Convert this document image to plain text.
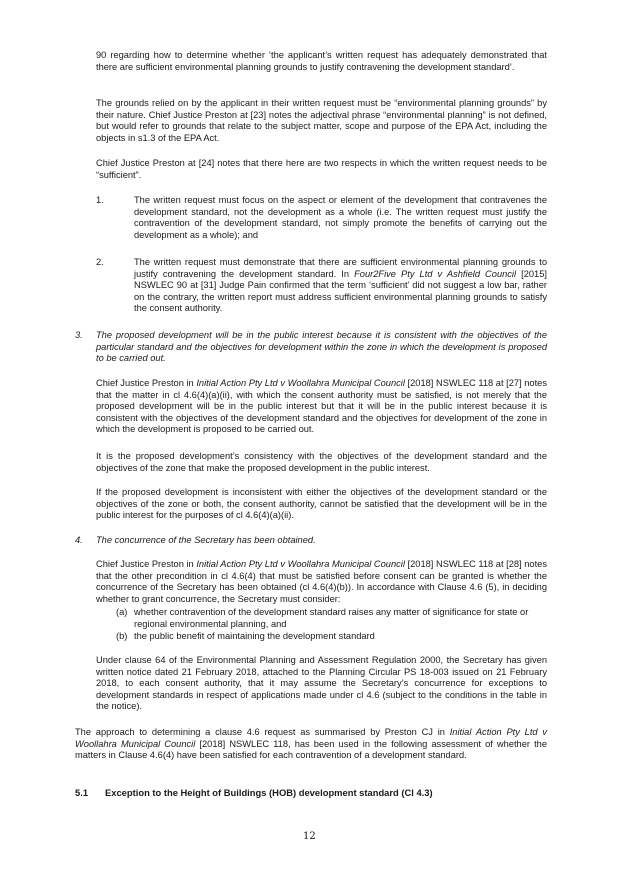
90 regarding how to determine whether ‘the applicant’s written request has adequately demonstrated that there are sufficient environmental planning grounds to justify contravening the development standard’.

The grounds relied on by the applicant in their written request must be “environmental planning grounds” by their nature. Chief Justice Preston at [23] notes the adjectival phrase “environmental planning” is not defined, but would refer to grounds that relate to the subject matter, scope and purpose of the EPA Act, including the objects in s1.3 of the EPA Act.

Chief Justice Preston at [24] notes that there here are two respects in which the written request needs to be “sufficient”.

1.	The written request must focus on the aspect or element of the development that contravenes the development standard, not the development as a whole (i.e. The written request must justify the contravention of the development standard, not simply promote the benefits of carrying out the development as a whole); and

2.	The written request must demonstrate that there are sufficient environmental planning grounds to justify contravening the development standard. In Four2Five Pty Ltd v Ashfield Council [2015] NSWLEC 90 at [31] Judge Pain confirmed that the term ‘sufficient’ did not suggest a low bar, rather on the contrary, the written report must address sufficient environmental planning grounds to satisfy the consent authority.

3. The proposed development will be in the public interest because it is consistent with the objectives of the particular standard and the objectives for development within the zone in which the development is proposed to be carried out.

Chief Justice Preston in Initial Action Pty Ltd v Woollahra Municipal Council [2018] NSWLEC 118 at [27] notes that the matter in cl 4.6(4)(a)(ii), with which the consent authority must be satisfied, is not merely that the proposed development will be in the public interest but that it will be in the public interest because it is consistent with the objectives of the development standard and the objectives for development of the zone in which the development is proposed to be carried out.

It is the proposed development’s consistency with the objectives of the development standard and the objectives of the zone that make the proposed development in the public interest.

If the proposed development is inconsistent with either the objectives of the development standard or the objectives of the zone or both, the consent authority, cannot be satisfied that the development will be in the public interest for the purposes of cl 4.6(4)(a)(ii).

4. The concurrence of the Secretary has been obtained.

Chief Justice Preston in Initial Action Pty Ltd v Woollahra Municipal Council [2018] NSWLEC 118 at [28] notes that the other precondition in cl 4.6(4) that must be satisfied before consent can be granted is whether the concurrence of the Secretary has been obtained (cl 4.6(4)(b)). In accordance with Clause 4.6 (5), in deciding whether to grant concurrence, the Secretary must consider:

(a) whether contravention of the development standard raises any matter of significance for state or regional environmental planning, and

(b) the public benefit of maintaining the development standard

Under clause 64 of the Environmental Planning and Assessment Regulation 2000, the Secretary has given written notice dated 21 February 2018, attached to the Planning Circular PS 18-003 issued on 21 February 2018, to each consent authority, that it may assume the Secretary’s concurrence for exceptions to development standards in respect of applications made under cl 4.6 (subject to the conditions in the table in the notice).

The approach to determining a clause 4.6 request as summarised by Preston CJ in Initial Action Pty Ltd v Woollahra Municipal Council [2018] NSWLEC 118, has been used in the following assessment of whether the matters in Clause 4.6(4) have been satisfied for each contravention of a development standard.

5.1 Exception to the Height of Buildings (HOB) development standard (Cl 4.3)
12
